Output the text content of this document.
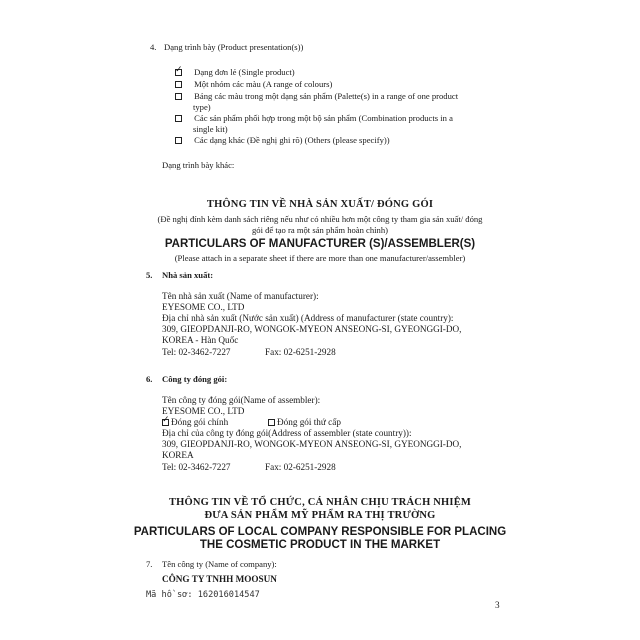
4. Dạng trình bày (Product presentation(s))
✓ Dạng đơn lẻ (Single product)
Một nhóm các màu (A range of colours)
Bảng các màu trong một dạng sản phẩm (Palette(s) in a range of one product
type)
Các sản phẩm phối hợp trong một bộ sản phẩm (Combination products in a
single kit)
Các dạng khác (Đề nghị ghi rõ) (Others (please specify))
Dạng trình bày khác:
THÔNG TIN VỀ NHÀ SẢN XUẤT/ ĐÓNG GÓI
(Đề nghị đính kèm danh sách riêng nếu như có nhiều hơn một công ty tham gia sản xuất/ đóng
gói để tạo ra một sản phẩm hoàn chỉnh)
PARTICULARS OF MANUFACTURER (S)/ASSEMBLER(S)
(Please attach in a separate sheet if there are more than one manufacturer/assembler)
5. Nhà sản xuất:
Tên nhà sản xuất (Name of manufacturer):
EYESOME CO., LTD
Địa chỉ nhà sản xuất (Nước sản xuất) (Address of manufacturer (state country):
309, GIEOPDANJI-RO, WONGOK-MYEON ANSEONG-SI, GYEONGGI-DO,
KOREA - Hàn Quốc
Tel: 02-3462-7227	Fax: 02-6251-2928
6. Công ty đóng gói:
Tên công ty đóng gói(Name of assembler):
EYESOME CO., LTD
✓Đóng gói chính	Đóng gói thứ cấp
Địa chỉ của công ty đóng gói(Address of assembler (state country)):
309, GIEOPDANJI-RO, WONGOK-MYEON ANSEONG-SI, GYEONGGI-DO,
KOREA
Tel: 02-3462-7227	Fax: 02-6251-2928
THÔNG TIN VỀ TỔ CHỨC, CÁ NHÂN CHỊU TRÁCH NHIỆM
ĐƯA SẢN PHẨM MỸ PHẨM RA THỊ TRƯỜNG
PARTICULARS OF LOCAL COMPANY RESPONSIBLE FOR PLACING
THE COSMETIC PRODUCT IN THE MARKET
7. Tên công ty (Name of company):
CÔNG TY TNHH MOOSUN
Mã hồ sơ: 162016014547
3
